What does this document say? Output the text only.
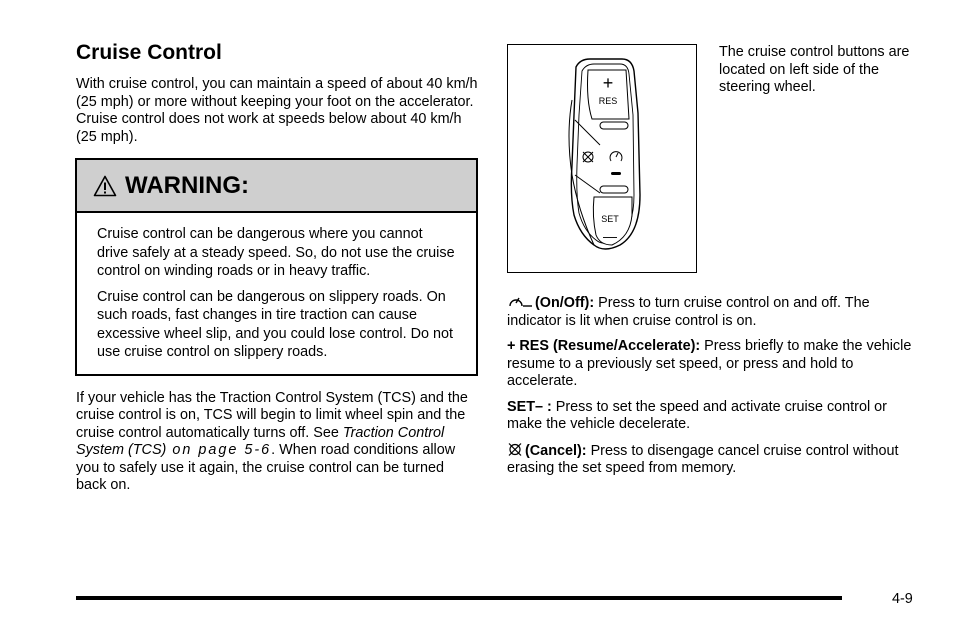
Cruise Control

With cruise control, you can maintain a speed of about 40 km/h (25 mph) or more without keeping your foot on the accelerator. Cruise control does not work at speeds below about 40 km/h (25 mph).

WARNING:

Cruise control can be dangerous where you cannot drive safely at a steady speed. So, do not use the cruise control on winding roads or in heavy traffic.

Cruise control can be dangerous on slippery roads. On such roads, fast changes in tire traction can cause excessive wheel slip, and you could lose control. Do not use cruise control on slippery roads.

If your vehicle has the Traction Control System (TCS) and the cruise control is on, TCS will begin to limit wheel spin and the cruise control automatically turns off. See Traction Control System (TCS) on page 5-6. When road conditions allow you to safely use it again, the cruise control can be turned back on.

+
RES
SET
—

The cruise control buttons are located on left side of the steering wheel.

(On/Off): Press to turn cruise control on and off. The indicator is lit when cruise control is on.

+ RES (Resume/Accelerate): Press briefly to make the vehicle resume to a previously set speed, or press and hold to accelerate.

SET– : Press to set the speed and activate cruise control or make the vehicle decelerate.

(Cancel): Press to disengage cancel cruise control without erasing the set speed from memory.

4-9
